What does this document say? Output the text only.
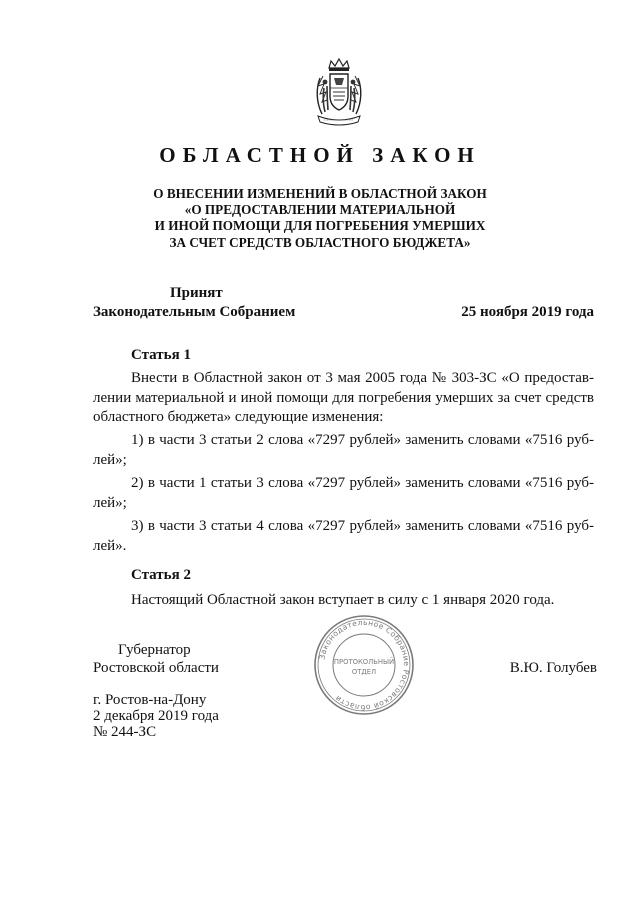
ОБЛАСТНОЙ ЗАКОН
О ВНЕСЕНИИ ИЗМЕНЕНИЙ В ОБЛАСТНОЙ ЗАКОН
«О ПРЕДОСТАВЛЕНИИ МАТЕРИАЛЬНОЙ
И ИНОЙ ПОМОЩИ ДЛЯ ПОГРЕБЕНИЯ УМЕРШИХ
ЗА СЧЕТ СРЕДСТВ ОБЛАСТНОГО БЮДЖЕТА»
Принят
Законодательным Собранием	25 ноября 2019 года
Статья 1
Внести в Областной закон от 3 мая 2005 года № 303-ЗС «О предостав-
лении материальной и иной помощи для погребения умерших за счет средств
областного бюджета» следующие изменения:
1) в части 3 статьи 2 слова «7297 рублей» заменить словами «7516 руб-
лей»;
2) в части 1 статьи 3 слова «7297 рублей» заменить словами «7516 руб-
лей»;
3) в части 3 статьи 4 слова «7297 рублей» заменить словами «7516 руб-
лей».
Статья 2
Настоящий Областной закон вступает в силу с 1 января 2020 года.
Губернатор
Ростовской области	В.Ю. Голубев
Законодательное Собрание Ростовской области
ПРОТОКОЛЬНЫЙ
ОТДЕЛ
г. Ростов-на-Дону
2 декабря 2019 года
№ 244-ЗС
